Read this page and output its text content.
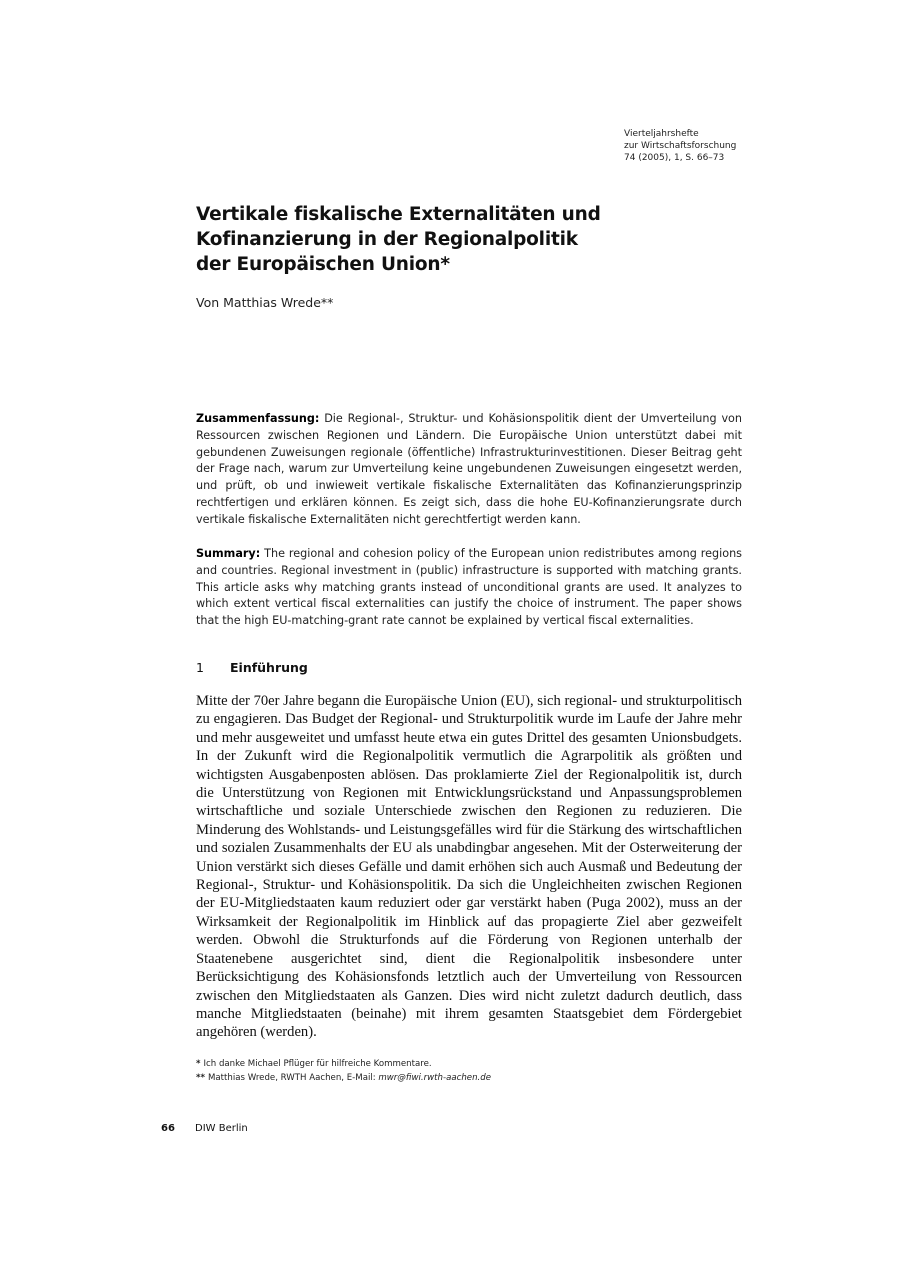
Vierteljahrshefte
zur Wirtschaftsforschung
74 (2005), 1, S. 66–73
Vertikale fiskalische Externalitäten und
Kofinanzierung in der Regionalpolitik
der Europäischen Union*
Von Matthias Wrede**

Zusammenfassung: Die Regional-, Struktur- und Kohäsionspolitik dient der Umverteilung von Ressourcen zwischen Regionen und Ländern. Die Europäische Union unterstützt dabei mit gebundenen Zuweisungen regionale (öffentliche) Infrastrukturinvestitionen. Dieser Beitrag geht der Frage nach, warum zur Umverteilung keine ungebundenen Zuweisungen eingesetzt werden, und prüft, ob und inwieweit vertikale fiskalische Externalitäten das Kofinanzierungsprinzip rechtfertigen und erklären können. Es zeigt sich, dass die hohe EU-Kofinanzierungsrate durch vertikale fiskalische Externalitäten nicht gerechtfertigt werden kann.

Summary: The regional and cohesion policy of the European union redistributes among regions and countries. Regional investment in (public) infrastructure is supported with matching grants. This article asks why matching grants instead of unconditional grants are used. It analyzes to which extent vertical fiscal externalities can justify the choice of instrument. The paper shows that the high EU-matching-grant rate cannot be explained by vertical fiscal externalities.

1 Einführung

Mitte der 70er Jahre begann die Europäische Union (EU), sich regional- und strukturpolitisch zu engagieren. Das Budget der Regional- und Strukturpolitik wurde im Laufe der Jahre mehr und mehr ausgeweitet und umfasst heute etwa ein gutes Drittel des gesamten Unionsbudgets. In der Zukunft wird die Regionalpolitik vermutlich die Agrarpolitik als größten und wichtigsten Ausgabenposten ablösen. Das proklamierte Ziel der Regionalpolitik ist, durch die Unterstützung von Regionen mit Entwicklungsrückstand und Anpassungsproblemen wirtschaftliche und soziale Unterschiede zwischen den Regionen zu reduzieren. Die Minderung des Wohlstands- und Leistungsgefälles wird für die Stärkung des wirtschaftlichen und sozialen Zusammenhalts der EU als unabdingbar angesehen. Mit der Osterweiterung der Union verstärkt sich dieses Gefälle und damit erhöhen sich auch Ausmaß und Bedeutung der Regional-, Struktur- und Kohäsionspolitik. Da sich die Ungleichheiten zwischen Regionen der EU-Mitgliedstaaten kaum reduziert oder gar verstärkt haben (Puga 2002), muss an der Wirksamkeit der Regionalpolitik im Hinblick auf das propagierte Ziel aber gezweifelt werden. Obwohl die Strukturfonds auf die Förderung von Regionen unterhalb der Staatenebene ausgerichtet sind, dient die Regionalpolitik insbesondere unter Berücksichtigung des Kohäsionsfonds letztlich auch der Umverteilung von Ressourcen zwischen den Mitgliedstaaten als Ganzen. Dies wird nicht zuletzt dadurch deutlich, dass manche Mitgliedstaaten (beinahe) mit ihrem gesamten Staatsgebiet dem Fördergebiet angehören (werden).

* Ich danke Michael Pflüger für hilfreiche Kommentare.
** Matthias Wrede, RWTH Aachen, E-Mail: mwr@fiwi.rwth-aachen.de
66 DIW Berlin
